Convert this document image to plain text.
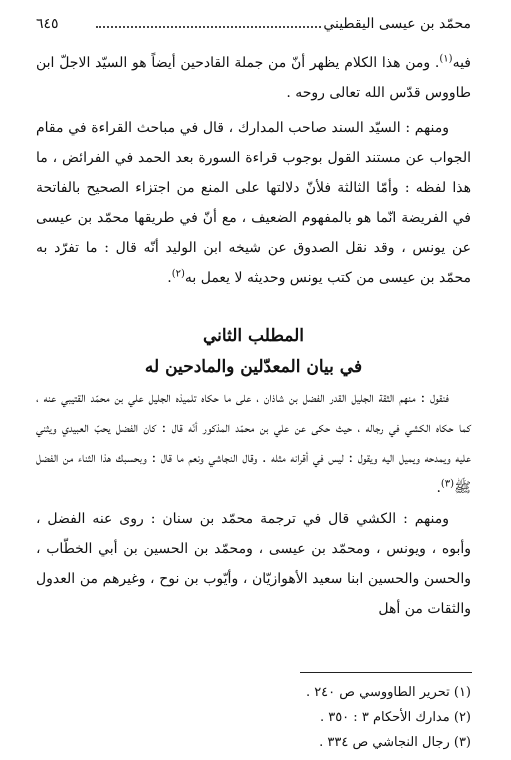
محمّد بن عيسى اليقطيني
٦٤٥

فيه$^{(١)}$. ومن هذا الكلام يظهر أنّ من جملة القادحين أيضاً هو السيّد الاجلّ ابن طاووس قدّس الله تعالى روحه .

ومنهم : السيّد السند صاحب المدارك ، قال في مباحث القراءة في مقام الجواب عن مستند القول بوجوب قراءة السورة بعد الحمد في الفرائض ، ما هذا لفظه : وأمّا الثالثة فلأنّ دلالتها على المنع من اجتزاء الصحيح بالفاتحة في الفريضة انّما هو بالمفهوم الضعيف ، مع أنّ في طريقها محمّد بن عيسى عن يونس ، وقد نقل الصدوق عن شيخه ابن الوليد أنّه قال : ما تفرّد به محمّد بن عيسى من كتب يونس وحديثه لا يعمل به$^{(٢)}$.

المطلب الثاني

في بيان المعدّلين والمادحين له

فنقول : منهم الثقة الجليل القدر الفضل بن شاذان ، على ما حكاه تلميذه الجليل علي بن محمّد القتيبي عنه ، كما حكاه الكشي في رجاله ، حيث حكى عن علي بن محمّد المذكور أنّه قال : كان الفضل يحبّ العبيدي ويثني عليه ويمدحه ويميل اليه ويقول : ليس في أقرانه مثله . وقال النجاشي ونعم ما قال : وبحسبك هذا الثناء من الفضل ﷺ$^{(٣)}$.

ومنهم : الكشي قال في ترجمة محمّد بن سنان : روى عنه الفضل ، وأبوه ، ويونس ، ومحمّد بن عيسى ، ومحمّد بن الحسين بن أبي الخطّاب ، والحسن والحسين ابنا سعيد الأهوازيّان ، وأيّوب بن نوح ، وغيرهم من العدول والثقات من أهل

(١) تحرير الطاووسي ص ٢٤٠ .

(٢) مدارك الأحكام ٣ : ٣٥٠ .

(٣) رجال النجاشي ص ٣٣٤ .
